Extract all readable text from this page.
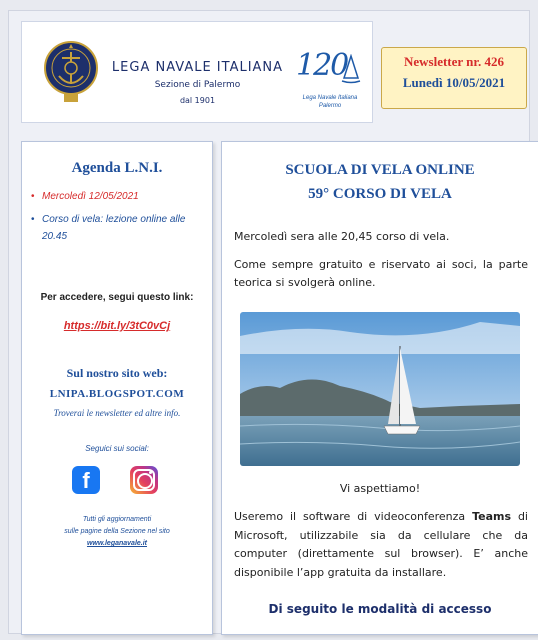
LEGA NAVALE ITALIANA
Sezione di Palermo
dal 1901
120
Lega Navale Italiana
Palermo
Newsletter nr. 426
Lunedì 10/05/2021
Agenda L.N.I.
• Mercoledì 12/05/2021
• Corso di vela: lezione online alle 20.45
Per accedere, segui questo link:
https://bit.ly/3tC0vCj
Sul nostro sito web:
LNIPA.BLOGSPOT.COM
Troverai le newsletter ed altre info.
Seguici sui social:
f
Tutti gli aggiornamenti
sulle pagine della Sezione nel sito
www.leganavale.it
SCUOLA DI VELA ONLINE
59° CORSO DI VELA
Mercoledì sera alle 20,45 corso di vela.
Come sempre gratuito e riservato ai soci, la parte teorica si svolgerà online.
Vi aspettiamo!
Useremo il software di videoconferenza Teams di Microsoft, utilizzabile sia da cellulare che da computer (direttamente sul browser). E’ anche disponibile l’app gratuita da installare.
Di seguito le modalità di accesso
